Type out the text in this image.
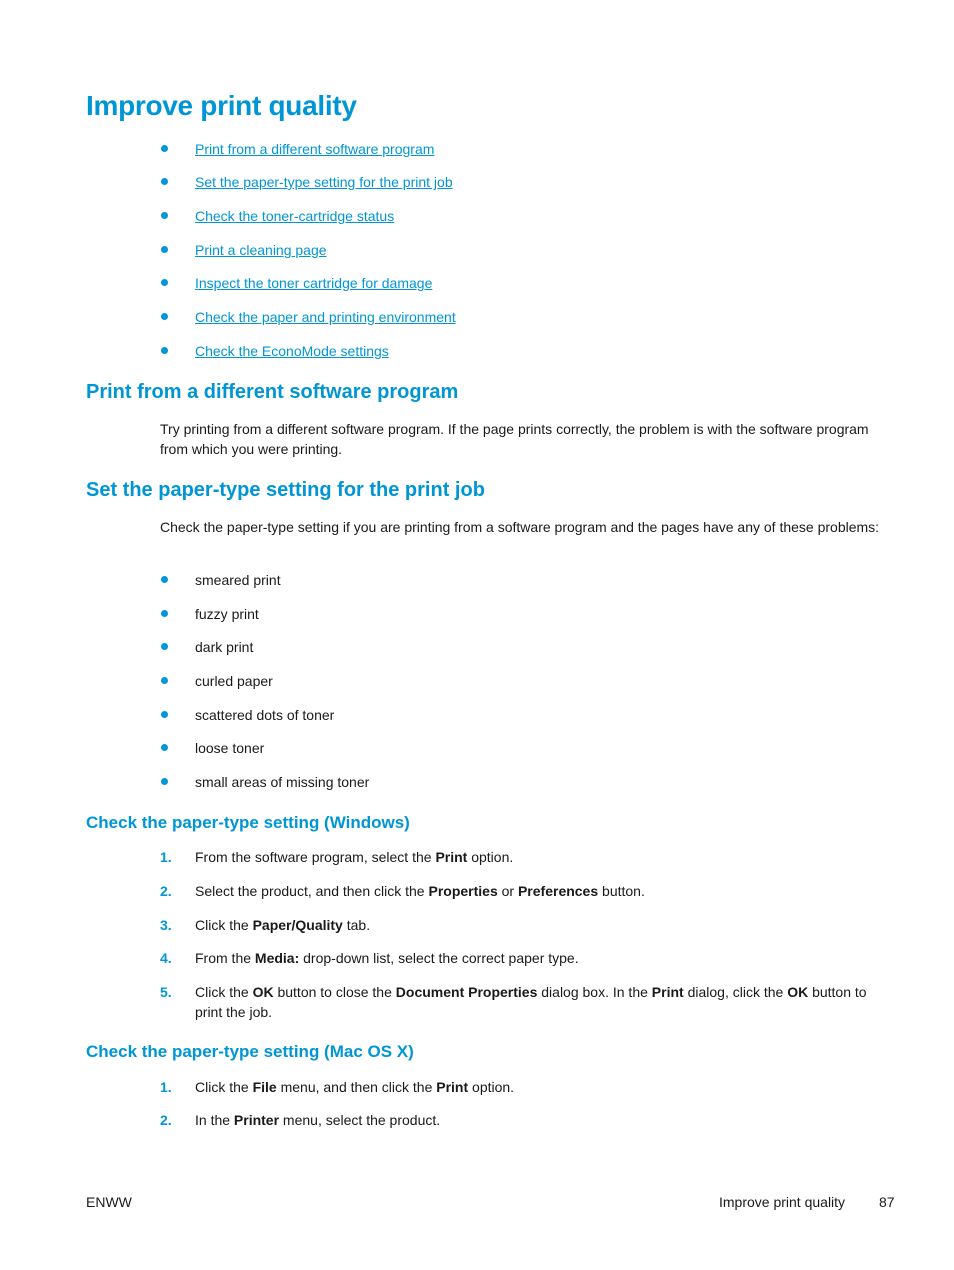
Improve print quality
Print from a different software program
Set the paper-type setting for the print job
Check the toner-cartridge status
Print a cleaning page
Inspect the toner cartridge for damage
Check the paper and printing environment
Check the EconoMode settings
Print from a different software program

Try printing from a different software program. If the page prints correctly, the problem is with the software program from which you were printing.

Set the paper-type setting for the print job

Check the paper-type setting if you are printing from a software program and the pages have any of these problems:

smeared print
fuzzy print
dark print
curled paper
scattered dots of toner
loose toner
small areas of missing toner
Check the paper-type setting (Windows)
1. From the software program, select the Print option.
2. Select the product, and then click the Properties or Preferences button.
3. Click the Paper/Quality tab.
4. From the Media: drop-down list, select the correct paper type.
5. Click the OK button to close the Document Properties dialog box. In the Print dialog, click the OK button to print the job.
Check the paper-type setting (Mac OS X)
1. Click the File menu, and then click the Print option.
2. In the Printer menu, select the product.
ENWW	Improve print quality 87
